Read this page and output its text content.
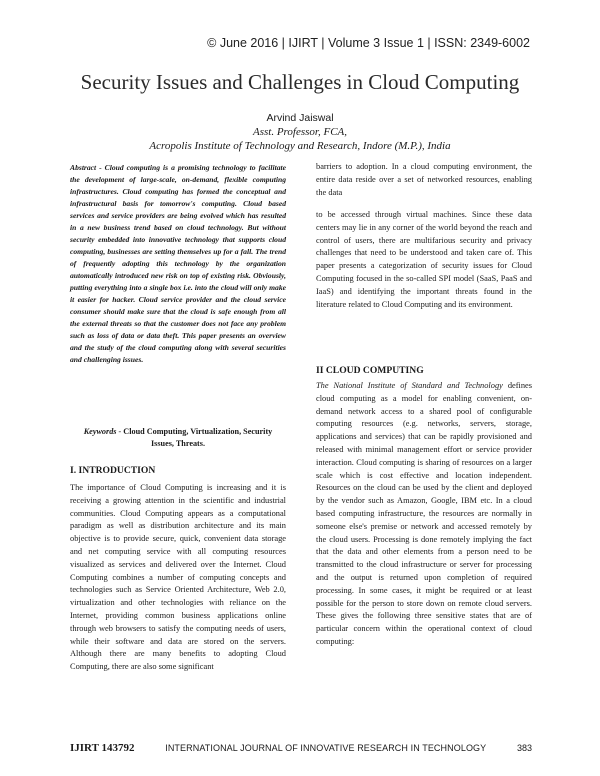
© June 2016 | IJIRT | Volume 3 Issue 1 | ISSN: 2349-6002
Security Issues and Challenges in Cloud Computing
Arvind Jaiswal
Asst. Professor, FCA,
Acropolis Institute of Technology and Research, Indore (M.P.), India

Abstract - Cloud computing is a promising technology to facilitate the development of large-scale, on-demand, flexible computing infrastructures. Cloud computing has formed the conceptual and infrastructural basis for tomorrow's computing. Cloud based services and service providers are being evolved which has resulted in a new business trend based on cloud technology. But without security embedded into innovative technology that supports cloud computing, businesses are setting themselves up for a fall. The trend of frequently adopting this technology by the organization automatically introduced new risk on top of existing risk. Obviously, putting everything into a single box i.e. into the cloud will only make it easier for hacker. Cloud service provider and the cloud service consumer should make sure that the cloud is safe enough from all the external threats so that the customer does not face any problem such as loss of data or data theft. This paper presents an overview and the study of the cloud computing along with several securities and challenging issues.

Keywords - Cloud Computing, Virtualization, Security Issues, Threats.

I. INTRODUCTION

The importance of Cloud Computing is increasing and it is receiving a growing attention in the scientific and industrial communities. Cloud Computing appears as a computational paradigm as well as distribution architecture and its main objective is to provide secure, quick, convenient data storage and net computing service with all computing resources visualized as services and delivered over the Internet. Cloud Computing combines a number of computing concepts and technologies such as Service Oriented Architecture, Web 2.0, virtualization and other technologies with reliance on the Internet, providing common business applications online through web browsers to satisfy the computing needs of users, while their software and data are stored on the servers. Although there are many benefits to adopting Cloud Computing, there are also some significant

barriers to adoption. In a cloud computing environment, the entire data reside over a set of networked resources, enabling the data

to be accessed through virtual machines. Since these data centers may lie in any corner of the world beyond the reach and control of users, there are multifarious security and privacy challenges that need to be understood and taken care of. This paper presents a categorization of security issues for Cloud Computing focused in the so-called SPI model (SaaS, PaaS and IaaS) and identifying the important threats found in the literature related to Cloud Computing and its environment.

II CLOUD COMPUTING

The National Institute of Standard and Technology defines cloud computing as a model for enabling convenient, on-demand network access to a shared pool of configurable computing resources (e.g. networks, servers, storage, applications and services) that can be rapidly provisioned and released with minimal management effort or service provider interaction. Cloud computing is sharing of resources on a larger scale which is cost effective and location independent. Resources on the cloud can be used by the client and deployed by the vendor such as Amazon, Google, IBM etc. In a cloud based computing infrastructure, the resources are normally in someone else's premise or network and accessed remotely by the cloud users. Processing is done remotely implying the fact that the data and other elements from a person need to be transmitted to the cloud infrastructure or server for processing and the output is returned upon completion of required processing. In some cases, it might be required or at least possible for the person to store down on remote cloud servers. These gives the following three sensitive states that are of particular concern within the operational context of cloud computing:

IJIRT 143792	INTERNATIONAL JOURNAL OF INNOVATIVE RESEARCH IN TECHNOLOGY	383
